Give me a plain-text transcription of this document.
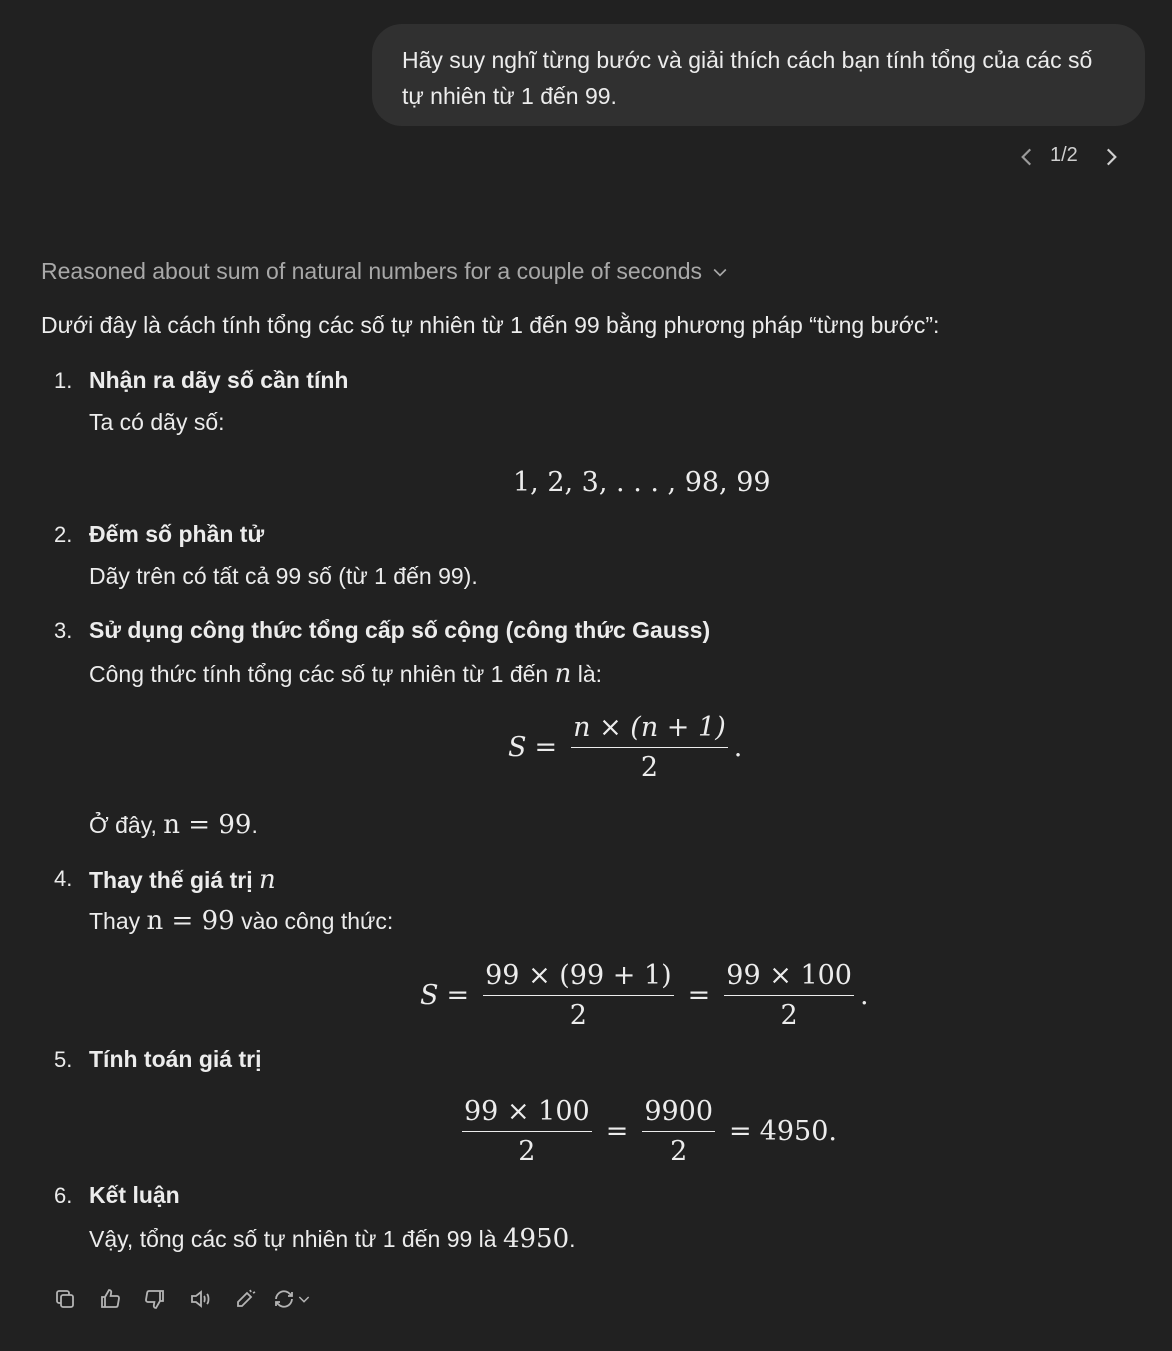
Hãy suy nghĩ từng bước và giải thích cách bạn tính tổng của các số tự nhiên từ 1 đến 99.
1/2
Reasoned about sum of natural numbers for a couple of seconds
Dưới đây là cách tính tổng các số tự nhiên từ 1 đến 99 bằng phương pháp “từng bước”:
1. Nhận ra dãy số cần tính
Ta có dãy số:
1, 2, 3, . . . , 98, 99
2. Đếm số phần tử
Dãy trên có tất cả 99 số (từ 1 đến 99).
3. Sử dụng công thức tổng cấp số cộng (công thức Gauss)
Công thức tính tổng các số tự nhiên từ 1 đến n là:
$S = \frac{n \times (n + 1)}{2}$ .
Ở đây, n = 99.
4. Thay thế giá trị n
Thay n = 99 vào công thức:
$S = \frac{99 \times (99 + 1)}{2} = \frac{99 \times 100}{2}$ .
5. Tính toán giá trị
$\frac{99 \times 100}{2} = \frac{9900}{2} = 4950$.
6. Kết luận
Vậy, tổng các số tự nhiên từ 1 đến 99 là 4950.
